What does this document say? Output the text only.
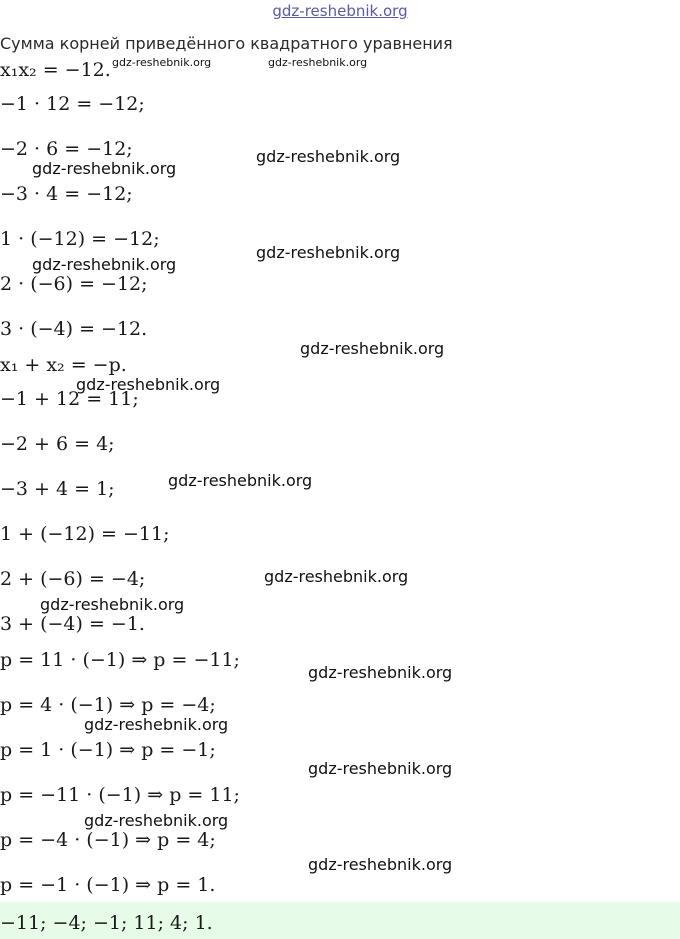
gdz-reshebnik.org
Сумма корней приведённого квадратного уравнения
x₁x₂ = −12.
−1 · 12 = −12;
−2 · 6 = −12;
−3 · 4 = −12;
1 · (−12) = −12;
2 · (−6) = −12;
3 · (−4) = −12.
x₁ + x₂ = −p.
−1 + 12 = 11;
−2 + 6 = 4;
−3 + 4 = 1;
1 + (−12) = −11;
2 + (−6) = −4;
3 + (−4) = −1.
p = 11 · (−1) ⇒ p = −11;
p = 4 · (−1) ⇒ p = −4;
p = 1 · (−1) ⇒ p = −1;
p = −11 · (−1) ⇒ p = 11;
p = −4 · (−1) ⇒ p = 4;
p = −1 · (−1) ⇒ p = 1.
−11; −4; −1; 11; 4; 1.
gdz-reshebnik.org	gdz-reshebnik.org
gdz-reshebnik.org
gdz-reshebnik.org
gdz-reshebnik.org
gdz-reshebnik.org
gdz-reshebnik.org
gdz-reshebnik.org
gdz-reshebnik.org
gdz-reshebnik.org
gdz-reshebnik.org
gdz-reshebnik.org
gdz-reshebnik.org
gdz-reshebnik.org
gdz-reshebnik.org
gdz-reshebnik.org
